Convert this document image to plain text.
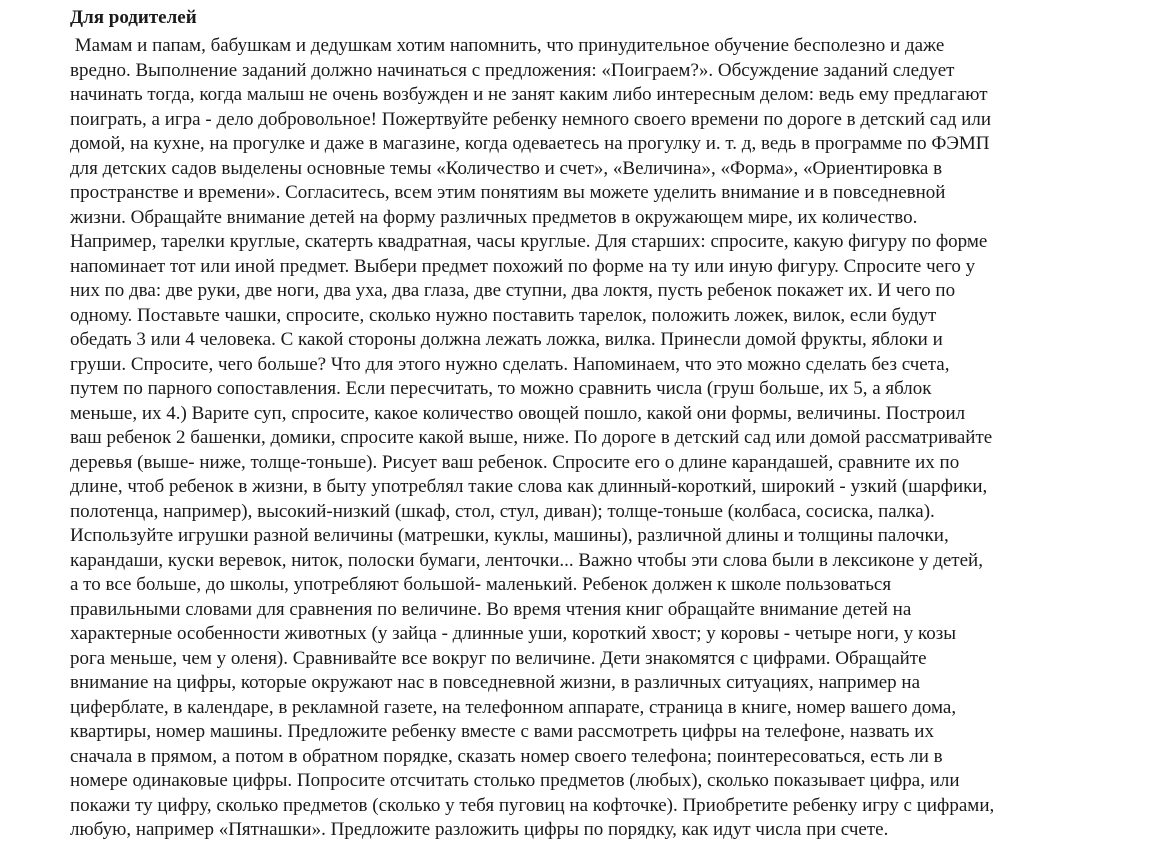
Для родителей
Мамам и папам, бабушкам и дедушкам хотим напомнить, что принудительное обучение бесполезно и даже
вредно. Выполнение заданий должно начинаться с предложения: «Поиграем?». Обсуждение заданий следует
начинать тогда, когда малыш не очень возбужден и не занят каким либо интересным делом: ведь ему предлагают
поиграть, а игра - дело добровольное! Пожертвуйте ребенку немного своего времени по дороге в детский сад или
домой, на кухне, на прогулке и даже в магазине, когда одеваетесь на прогулку и. т. д, ведь в программе по ФЭМП
для детских садов выделены основные темы «Количество и счет», «Величина», «Форма», «Ориентировка в
пространстве и времени». Согласитесь, всем этим понятиям вы можете уделить внимание и в повседневной
жизни. Обращайте внимание детей на форму различных предметов в окружающем мире, их количество.
Например, тарелки круглые, скатерть квадратная, часы круглые. Для старших: спросите, какую фигуру по форме
напоминает тот или иной предмет. Выбери предмет похожий по форме на ту или иную фигуру. Спросите чего у
них по два: две руки, две ноги, два уха, два глаза, две ступни, два локтя, пусть ребенок покажет их. И чего по
одному. Поставьте чашки, спросите, сколько нужно поставить тарелок, положить ложек, вилок, если будут
обедать 3 или 4 человека. С какой стороны должна лежать ложка, вилка. Принесли домой фрукты, яблоки и
груши. Спросите, чего больше? Что для этого нужно сделать. Напоминаем, что это можно сделать без счета,
путем по парного сопоставления. Если пересчитать, то можно сравнить числа (груш больше, их 5, а яблок
меньше, их 4.) Варите суп, спросите, какое количество овощей пошло, какой они формы, величины. Построил
ваш ребенок 2 башенки, домики, спросите какой выше, ниже. По дороге в детский сад или домой рассматривайте
деревья (выше- ниже, толще-тоньше). Рисует ваш ребенок. Спросите его о длине карандашей, сравните их по
длине, чтоб ребенок в жизни, в быту употреблял такие слова как длинный-короткий, широкий - узкий (шарфики,
полотенца, например), высокий-низкий (шкаф, стол, стул, диван); толще-тоньше (колбаса, сосиска, палка).
Используйте игрушки разной величины (матрешки, куклы, машины), различной длины и толщины палочки,
карандаши, куски веревок, ниток, полоски бумаги, ленточки... Важно чтобы эти слова были в лексиконе у детей,
а то все больше, до школы, употребляют большой- маленький. Ребенок должен к школе пользоваться
правильными словами для сравнения по величине. Во время чтения книг обращайте внимание детей на
характерные особенности животных (у зайца - длинные уши, короткий хвост; у коровы - четыре ноги, у козы
рога меньше, чем у оленя). Сравнивайте все вокруг по величине. Дети знакомятся с цифрами. Обращайте
внимание на цифры, которые окружают нас в повседневной жизни, в различных ситуациях, например на
циферблате, в календаре, в рекламной газете, на телефонном аппарате, страница в книге, номер вашего дома,
квартиры, номер машины. Предложите ребенку вместе с вами рассмотреть цифры на телефоне, назвать их
сначала в прямом, а потом в обратном порядке, сказать номер своего телефона; поинтересоваться, есть ли в
номере одинаковые цифры. Попросите отсчитать столько предметов (любых), сколько показывает цифра, или
покажи ту цифру, сколько предметов (сколько у тебя пуговиц на кофточке). Приобретите ребенку игру с цифрами,
любую, например «Пятнашки». Предложите разложить цифры по порядку, как идут числа при счете.
